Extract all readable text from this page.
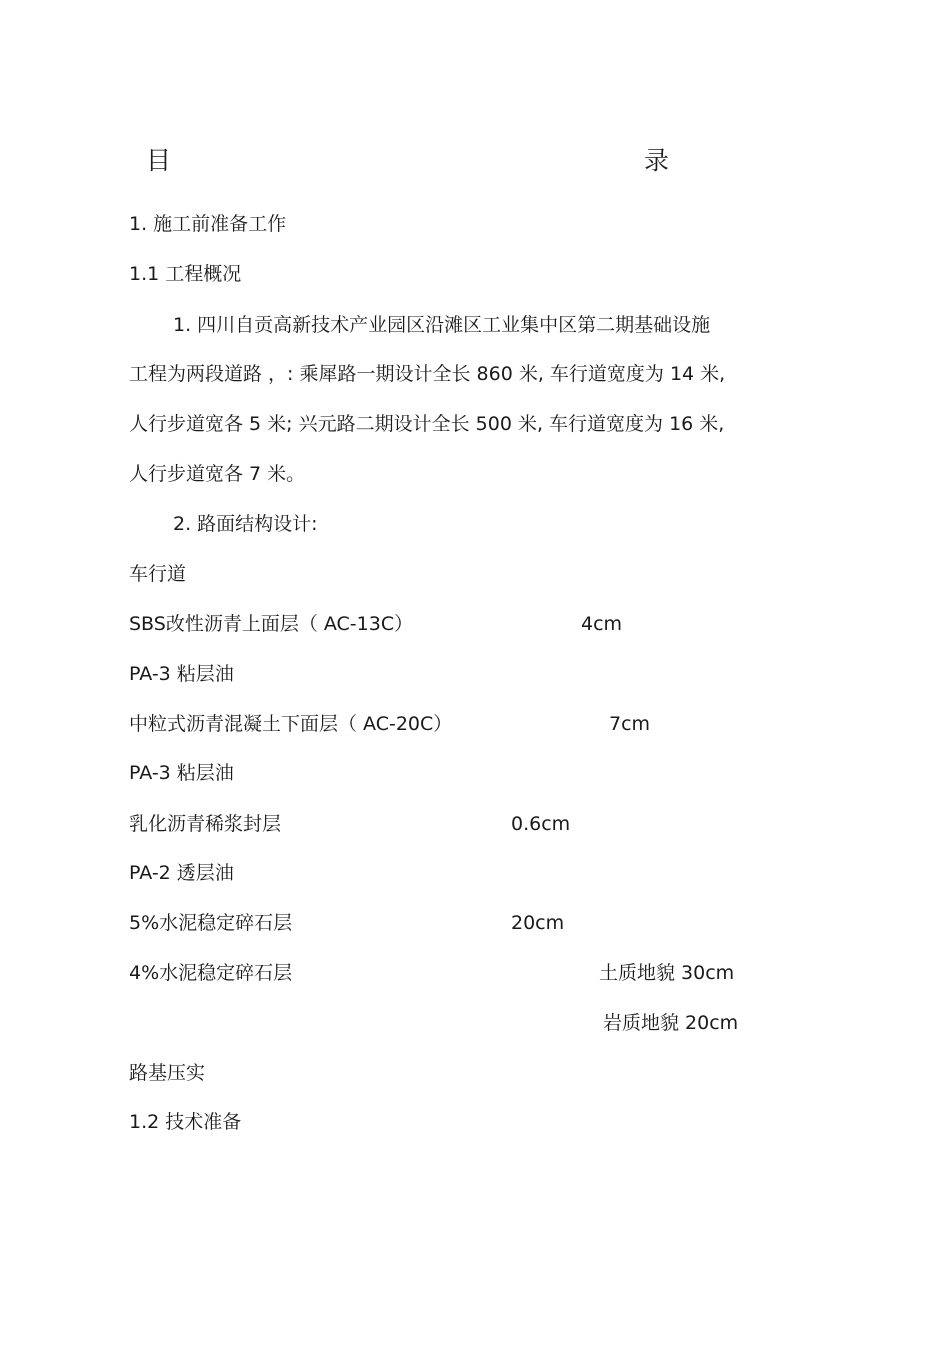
目	录
1. 施工前准备工作
1.1 工程概况
1. 四川自贡高新技术产业园区沿滩区工业集中区第二期基础设施
工程为两段道路 ，: 乘犀路一期设计全长 860 米, 车行道宽度为 14 米,
人行步道宽各 5 米; 兴元路二期设计全长 500 米, 车行道宽度为 16 米,
人行步道宽各 7 米。
2. 路面结构设计:
车行道
SBS改性沥青上面层（ AC-13C）	4cm
PA-3 粘层油
中粒式沥青混凝土下面层（ AC-20C）	7cm
PA-3 粘层油
乳化沥青稀浆封层	0.6cm
PA-2 透层油
5%水泥稳定碎石层	20cm
4%水泥稳定碎石层	土质地貌 30cm
岩质地貌 20cm
路基压实
1.2 技术准备
